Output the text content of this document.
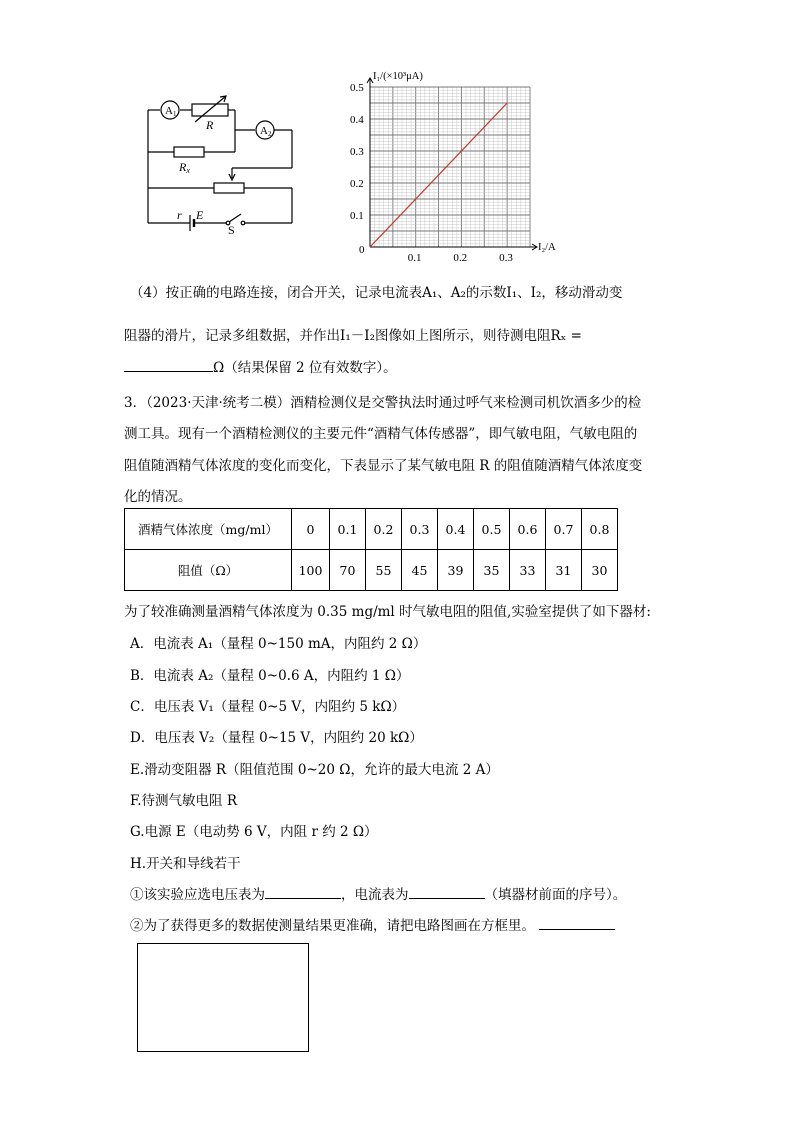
A1
A2
R
Rx
r E
S
0.1	0.2	0.3
0.1
0.2
0.3
0.4
0.5
I₁/(×10³μA)
I₂/A
0
（4）按正确的电路连接，闭合开关，记录电流表A₁、A₂的示数I₁、I₂，移动滑动变
阻器的滑片，记录多组数据，并作出I₁－I₂图像如上图所示，则待测电阻Rₓ =
Ω（结果保留 2 位有效数字）。
3．（2023·天津·统考二模）酒精检测仪是交警执法时通过呼气来检测司机饮酒多少的检
测工具。现有一个酒精检测仪的主要元件“酒精气体传感器”，即气敏电阻，气敏电阻的
阻值随酒精气体浓度的变化而变化，下表显示了某气敏电阻 R 的阻值随酒精气体浓度变
化的情况。
酒精气体浓度（mg/ml）	0	0.1	0.2	0.3	0.4	0.5	0.6	0.7	0.8
阻值（Ω）	100	70	55	45	39	35	33	31	30
为了较准确测量酒精气体浓度为 0.35 mg/ml 时气敏电阻的阻值,实验室提供了如下器材:
A．电流表 A₁（量程 0~150 mA，内阻约 2 Ω）
B．电流表 A₂（量程 0~0.6 A，内阻约 1 Ω）
C．电压表 V₁（量程 0~5 V，内阻约 5 kΩ）
D．电压表 V₂（量程 0~15 V，内阻约 20 kΩ）
E.滑动变阻器 R（阻值范围 0~20 Ω，允许的最大电流 2 A）
F.待测气敏电阻 R
G.电源 E（电动势 6 V，内阻 r 约 2 Ω）
H.开关和导线若干
①该实验应选电压表为	，电流表为	（填器材前面的序号）。
②为了获得更多的数据使测量结果更准确，请把电路图画在方框里。
